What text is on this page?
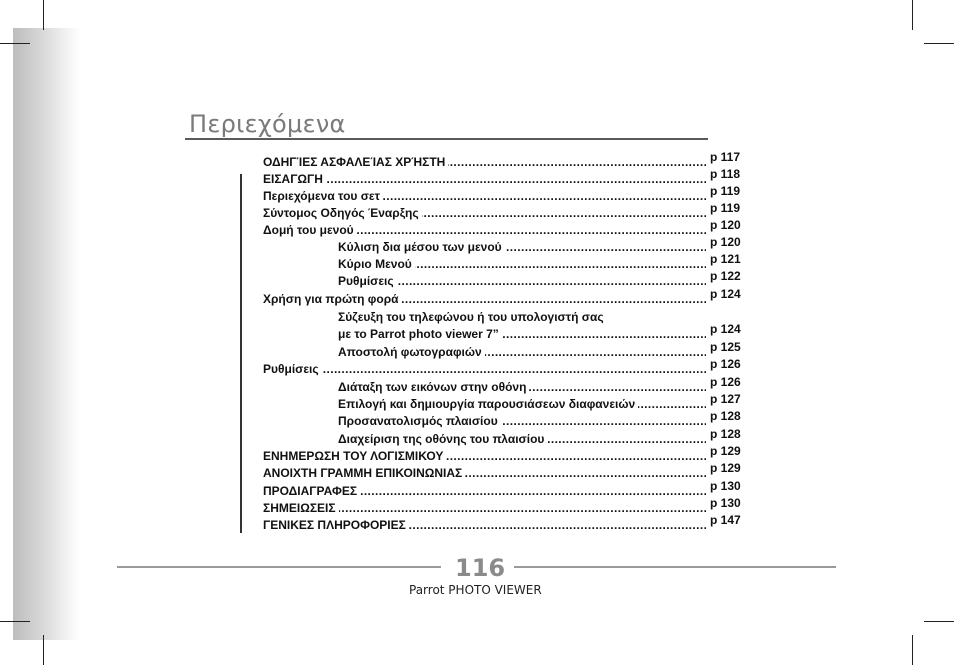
Περιεχόμενα
ΟΔΗΓΊΕΣ ΑΣΦΑΛΕΊΑΣ ΧΡΉΣΤΗ .....	p 117
ΕΙΣΑΓΩΓΗ .....	p 118
Περιεχόμενα του σετ .....	p 119
Σύντομος Οδηγός Έναρξης .....	p 119
Δομή του μενού .....	p 120
Κύλιση δια μέσου των μενού .....	p 120
Κύριο Μενού .....	p 121
Ρυθμίσεις .....	p 122
Χρήση για πρώτη φορά .....	p 124
Σύζευξη του τηλεφώνου ή του υπολογιστή σας
με το Parrot photo viewer 7” .....	p 124
Αποστολή φωτογραφιών .....	p 125
Ρυθμίσεις .....	p 126
Διάταξη των εικόνων στην οθόνη .....	p 126
Επιλογή και δημιουργία παρουσιάσεων διαφανειών .....	p 127
Προσανατολισμός πλαισίου .....	p 128
Διαχείριση της οθόνης του πλαισίου .....	p 128
ΕΝΗΜΕΡΩΣΗ ΤΟΥ ΛΟΓΙΣΜΙΚΟΥ .....	p 129
ΑΝΟΙΧΤΗ ΓΡΑΜΜΗ ΕΠΙΚΟΙΝΩΝΙΑΣ .....	p 129
ΠΡΟΔΙΑΓΡΑΦΕΣ .....	p 130
ΣΗΜΕΙΩΣΕΙΣ .....	p 130
ΓΕΝΙΚΕΣ ΠΛΗΡΟΦΟΡΙΕΣ .....	p 147
116
Parrot PHOTO VIEWER
